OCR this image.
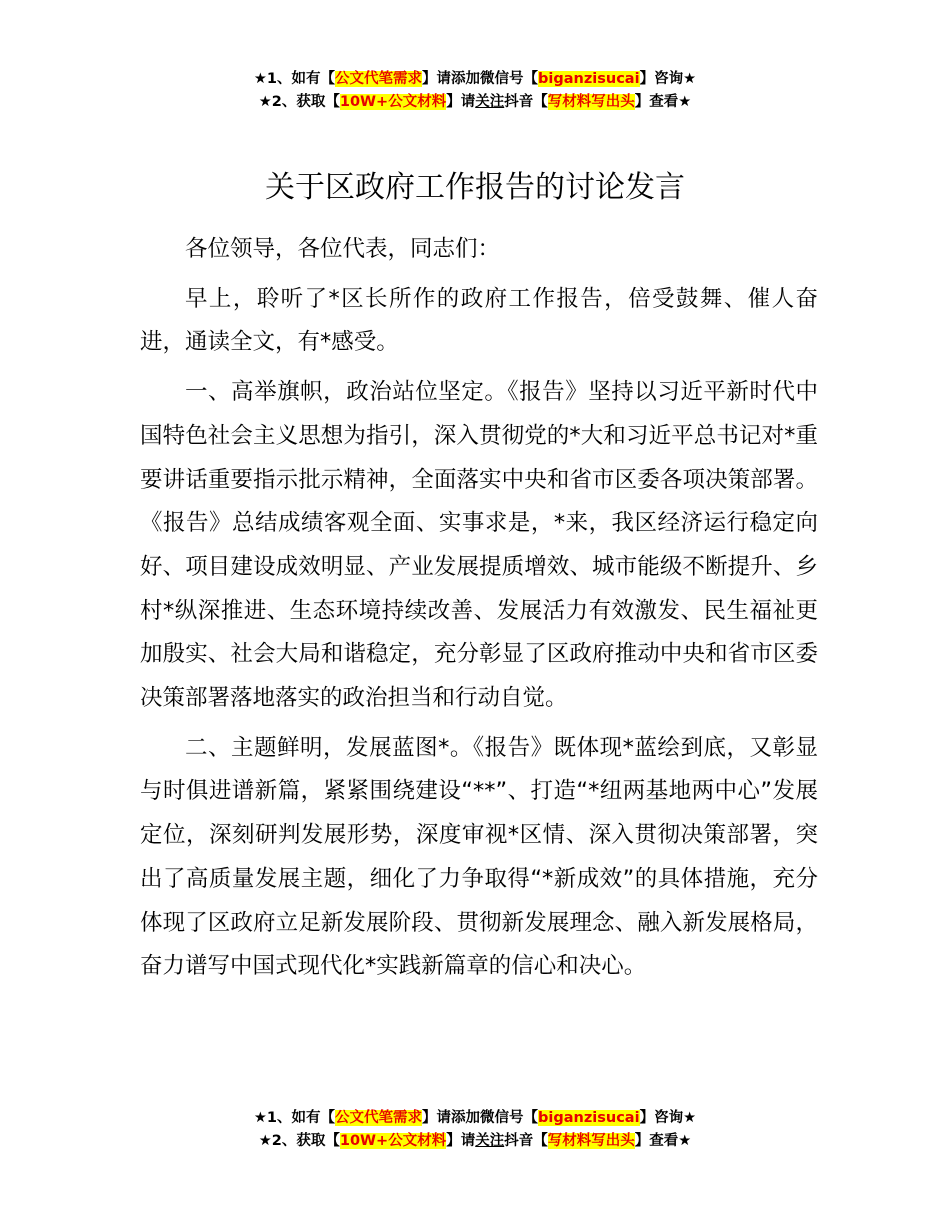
★1、如有【公文代笔需求】请添加微信号【biganzisucai】咨询★
★2、获取【10W+公文材料】请关注抖音【写材料写出头】查看★
关于区政府工作报告的讨论发言

各位领导，各位代表，同志们：

早上，聆听了*区长所作的政府工作报告，倍受鼓舞、催人奋进，通读全文，有*感受。

一、高举旗帜，政治站位坚定。《报告》坚持以习近平新时代中国特色社会主义思想为指引，深入贯彻党的*大和习近平总书记对*重要讲话重要指示批示精神，全面落实中央和省市区委各项决策部署。《报告》总结成绩客观全面、实事求是，*来，我区经济运行稳定向好、项目建设成效明显、产业发展提质增效、城市能级不断提升、乡村*纵深推进、生态环境持续改善、发展活力有效激发、民生福祉更加殷实、社会大局和谐稳定，充分彰显了区政府推动中央和省市区委决策部署落地落实的政治担当和行动自觉。

二、主题鲜明，发展蓝图*。《报告》既体现*蓝绘到底，又彰显与时俱进谱新篇，紧紧围绕建设“**”、打造“*纽两基地两中心”发展定位，深刻研判发展形势，深度审视*区情、深入贯彻决策部署，突出了高质量发展主题，细化了力争取得“*新成效”的具体措施，充分体现了区政府立足新发展阶段、贯彻新发展理念、融入新发展格局，奋力谱写中国式现代化*实践新篇章的信心和决心。

★1、如有【公文代笔需求】请添加微信号【biganzisucai】咨询★
★2、获取【10W+公文材料】请关注抖音【写材料写出头】查看★
